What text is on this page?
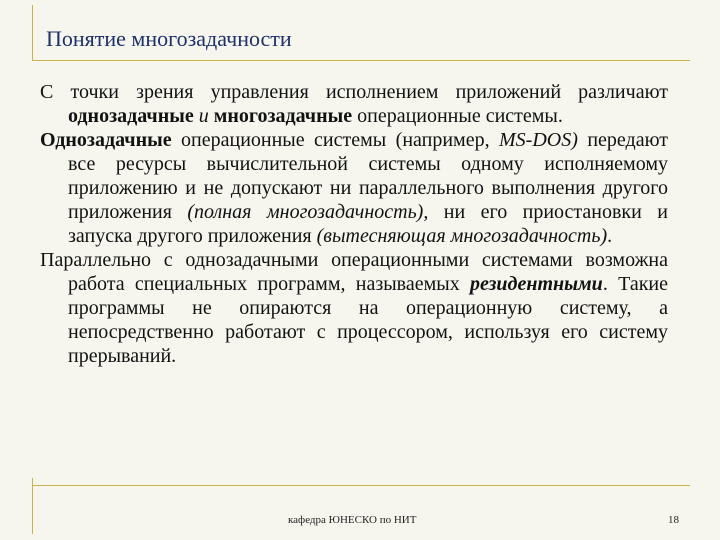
Понятие многозадачности

С точки зрения управления исполнением приложений различают однозадачные и многозадачные операционные системы.

Однозадачные операционные системы (например, MS-DOS) передают все ресурсы вычислительной системы одному исполняемому приложению и не допускают ни параллельного выполнения другого приложения (полная многозадачность), ни его приостановки и запуска другого приложения (вытесняющая многозадачность).

Параллельно с однозадачными операционными системами возможна работа специальных программ, называемых резидентными. Такие программы не опираются на операционную систему, а непосредственно работают с процессором, используя его систему прерываний.

кафедра ЮНЕСКО по НИТ	18
